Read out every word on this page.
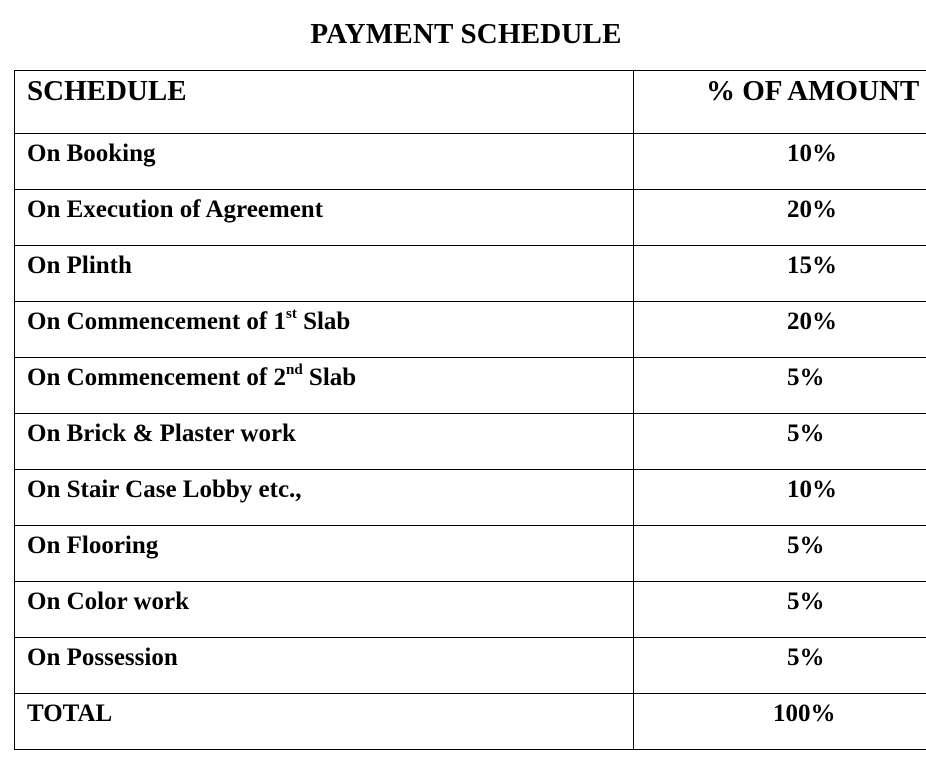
PAYMENT SCHEDULE
SCHEDULE	% OF AMOUNT

On Booking	10%

On Execution of Agreement	20%

On Plinth	15%

On Commencement of 1st Slab	20%

On Commencement of 2nd Slab	5%

On Brick & Plaster work	5%

On Stair Case Lobby etc.,	10%

On Flooring	5%

On Color work	5%

On Possession	5%

TOTAL	100%
